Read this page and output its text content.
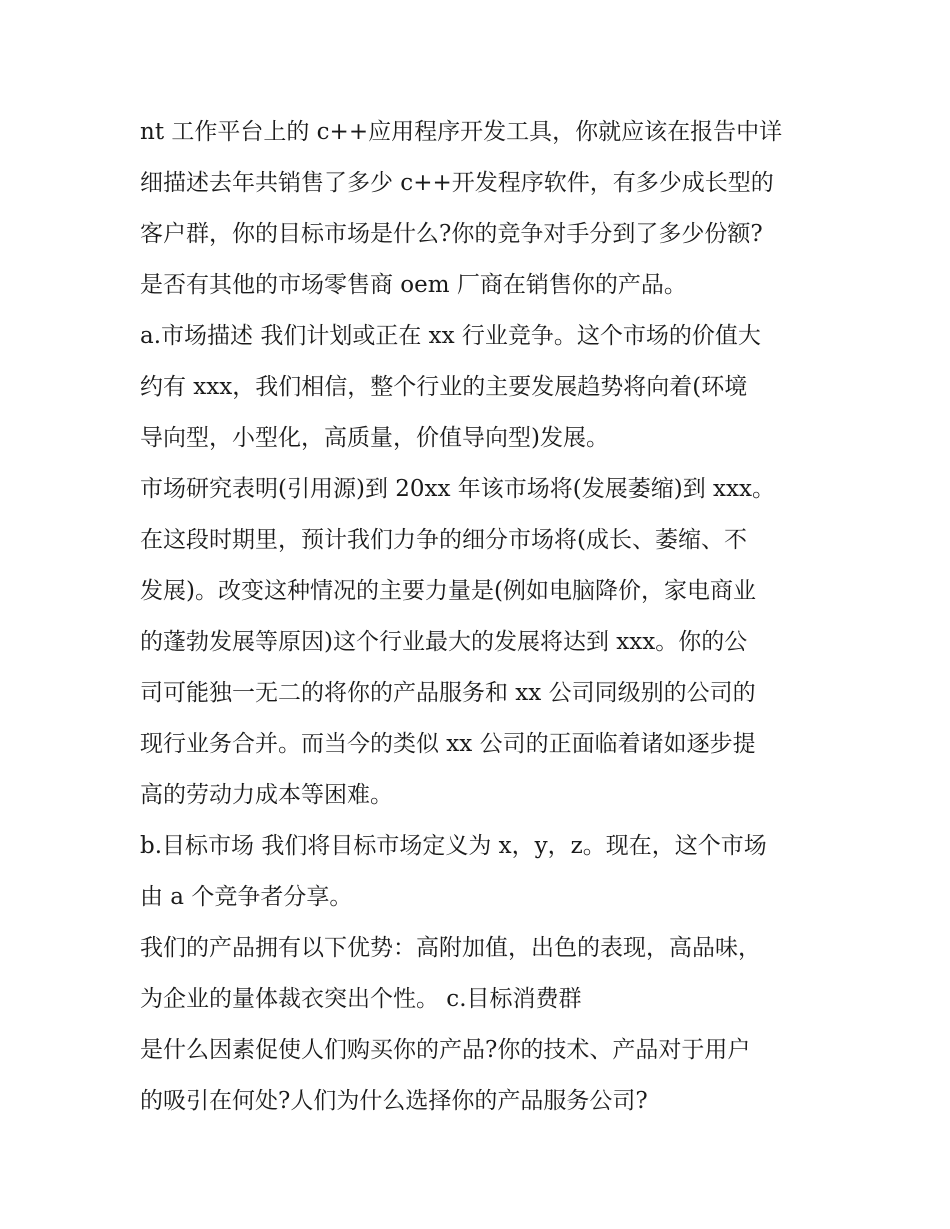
nt 工作平台上的 c++应用程序开发工具，你就应该在报告中详
细描述去年共销售了多少 c++开发程序软件，有多少成长型的
客户群，你的目标市场是什么?你的竞争对手分到了多少份额?
是否有其他的市场零售商 oem 厂商在销售你的产品。
a.市场描述 我们计划或正在 xx 行业竞争。这个市场的价值大
约有 xxx，我们相信，整个行业的主要发展趋势将向着(环境
导向型，小型化，高质量，价值导向型)发展。
市场研究表明(引用源)到 20xx 年该市场将(发展萎缩)到 xxx。
在这段时期里，预计我们力争的细分市场将(成长、萎缩、不
发展)。改变这种情况的主要力量是(例如电脑降价，家电商业
的蓬勃发展等原因)这个行业最大的发展将达到 xxx。你的公
司可能独一无二的将你的产品服务和 xx 公司同级别的公司的
现行业务合并。而当今的类似 xx 公司的正面临着诸如逐步提
高的劳动力成本等困难。
b.目标市场 我们将目标市场定义为 x，y，z。现在，这个市场
由 a 个竞争者分享。
我们的产品拥有以下优势：高附加值，出色的表现，高品味，
为企业的量体裁衣突出个性。 c.目标消费群
是什么因素促使人们购买你的产品?你的技术、产品对于用户
的吸引在何处?人们为什么选择你的产品服务公司?
